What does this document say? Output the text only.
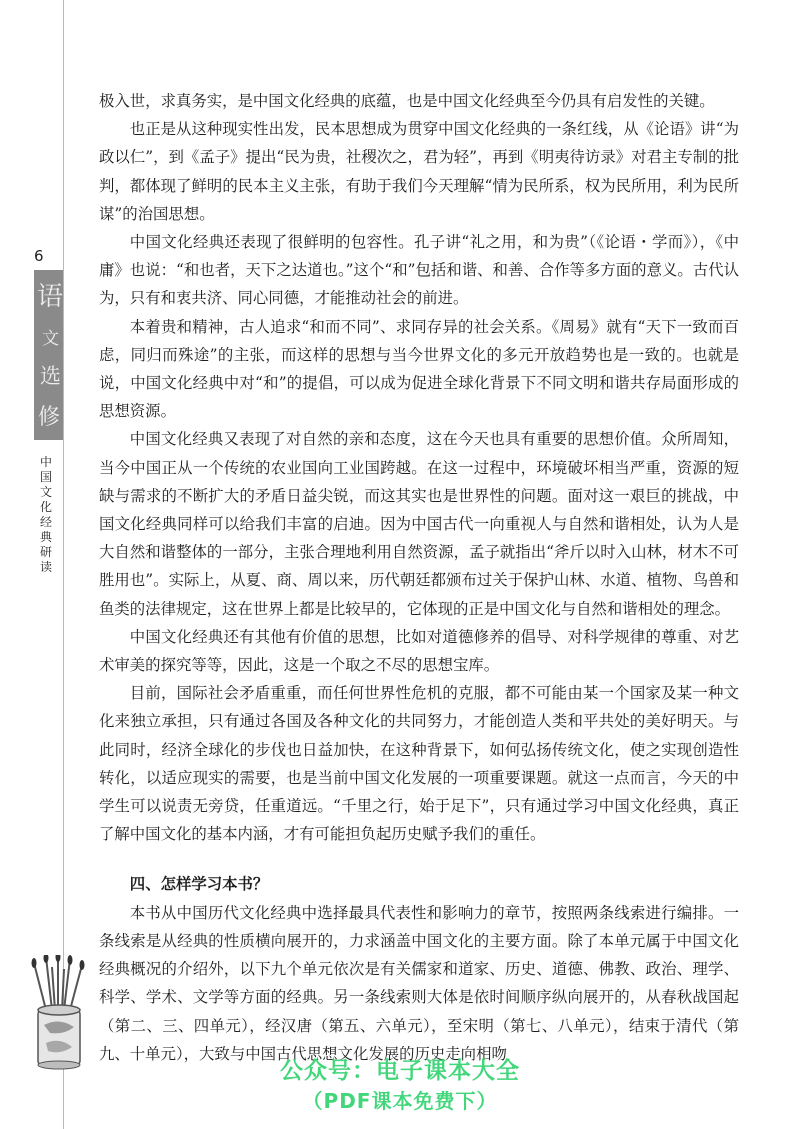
6
语
文
选
修
中国文化经典研读

极入世，求真务实，是中国文化经典的底蕴，也是中国文化经典至今仍具有启发性的关键。

也正是从这种现实性出发，民本思想成为贯穿中国文化经典的一条红线，从《论语》讲“为政以仁”，到《孟子》提出“民为贵，社稷次之，君为轻”，再到《明夷待访录》对君主专制的批判，都体现了鲜明的民本主义主张，有助于我们今天理解“情为民所系，权为民所用，利为民所谋”的治国思想。

中国文化经典还表现了很鲜明的包容性。孔子讲“礼之用，和为贵”（《论语・学而》），《中庸》也说：“和也者，天下之达道也。”这个“和”包括和谐、和善、合作等多方面的意义。古代认为，只有和衷共济、同心同德，才能推动社会的前进。

本着贵和精神，古人追求“和而不同”、求同存异的社会关系。《周易》就有“天下一致而百虑，同归而殊途”的主张，而这样的思想与当今世界文化的多元开放趋势也是一致的。也就是说，中国文化经典中对“和”的提倡，可以成为促进全球化背景下不同文明和谐共存局面形成的思想资源。

中国文化经典又表现了对自然的亲和态度，这在今天也具有重要的思想价值。众所周知，当今中国正从一个传统的农业国向工业国跨越。在这一过程中，环境破坏相当严重，资源的短缺与需求的不断扩大的矛盾日益尖锐，而这其实也是世界性的问题。面对这一艰巨的挑战，中国文化经典同样可以给我们丰富的启迪。因为中国古代一向重视人与自然和谐相处，认为人是大自然和谐整体的一部分，主张合理地利用自然资源，孟子就指出“斧斤以时入山林，材木不可胜用也”。实际上，从夏、商、周以来，历代朝廷都颁布过关于保护山林、水道、植物、鸟兽和鱼类的法律规定，这在世界上都是比较早的，它体现的正是中国文化与自然和谐相处的理念。

中国文化经典还有其他有价值的思想，比如对道德修养的倡导、对科学规律的尊重、对艺术审美的探究等等，因此，这是一个取之不尽的思想宝库。

目前，国际社会矛盾重重，而任何世界性危机的克服，都不可能由某一个国家及某一种文化来独立承担，只有通过各国及各种文化的共同努力，才能创造人类和平共处的美好明天。与此同时，经济全球化的步伐也日益加快，在这种背景下，如何弘扬传统文化，使之实现创造性转化，以适应现实的需要，也是当前中国文化发展的一项重要课题。就这一点而言，今天的中学生可以说责无旁贷，任重道远。“千里之行，始于足下”，只有通过学习中国文化经典，真正了解中国文化的基本内涵，才有可能担负起历史赋予我们的重任。

四、怎样学习本书？

本书从中国历代文化经典中选择最具代表性和影响力的章节，按照两条线索进行编排。一条线索是从经典的性质横向展开的，力求涵盖中国文化的主要方面。除了本单元属于中国文化经典概况的介绍外，以下九个单元依次是有关儒家和道家、历史、道德、佛教、政治、理学、科学、学术、文学等方面的经典。另一条线索则大体是依时间顺序纵向展开的，从春秋战国起（第二、三、四单元），经汉唐（第五、六单元），至宋明（第七、八单元），结束于清代（第九、十单元），大致与中国古代思想文化发展的历史走向相吻

公众号：电子课本大全
（PDF课本免费下）
